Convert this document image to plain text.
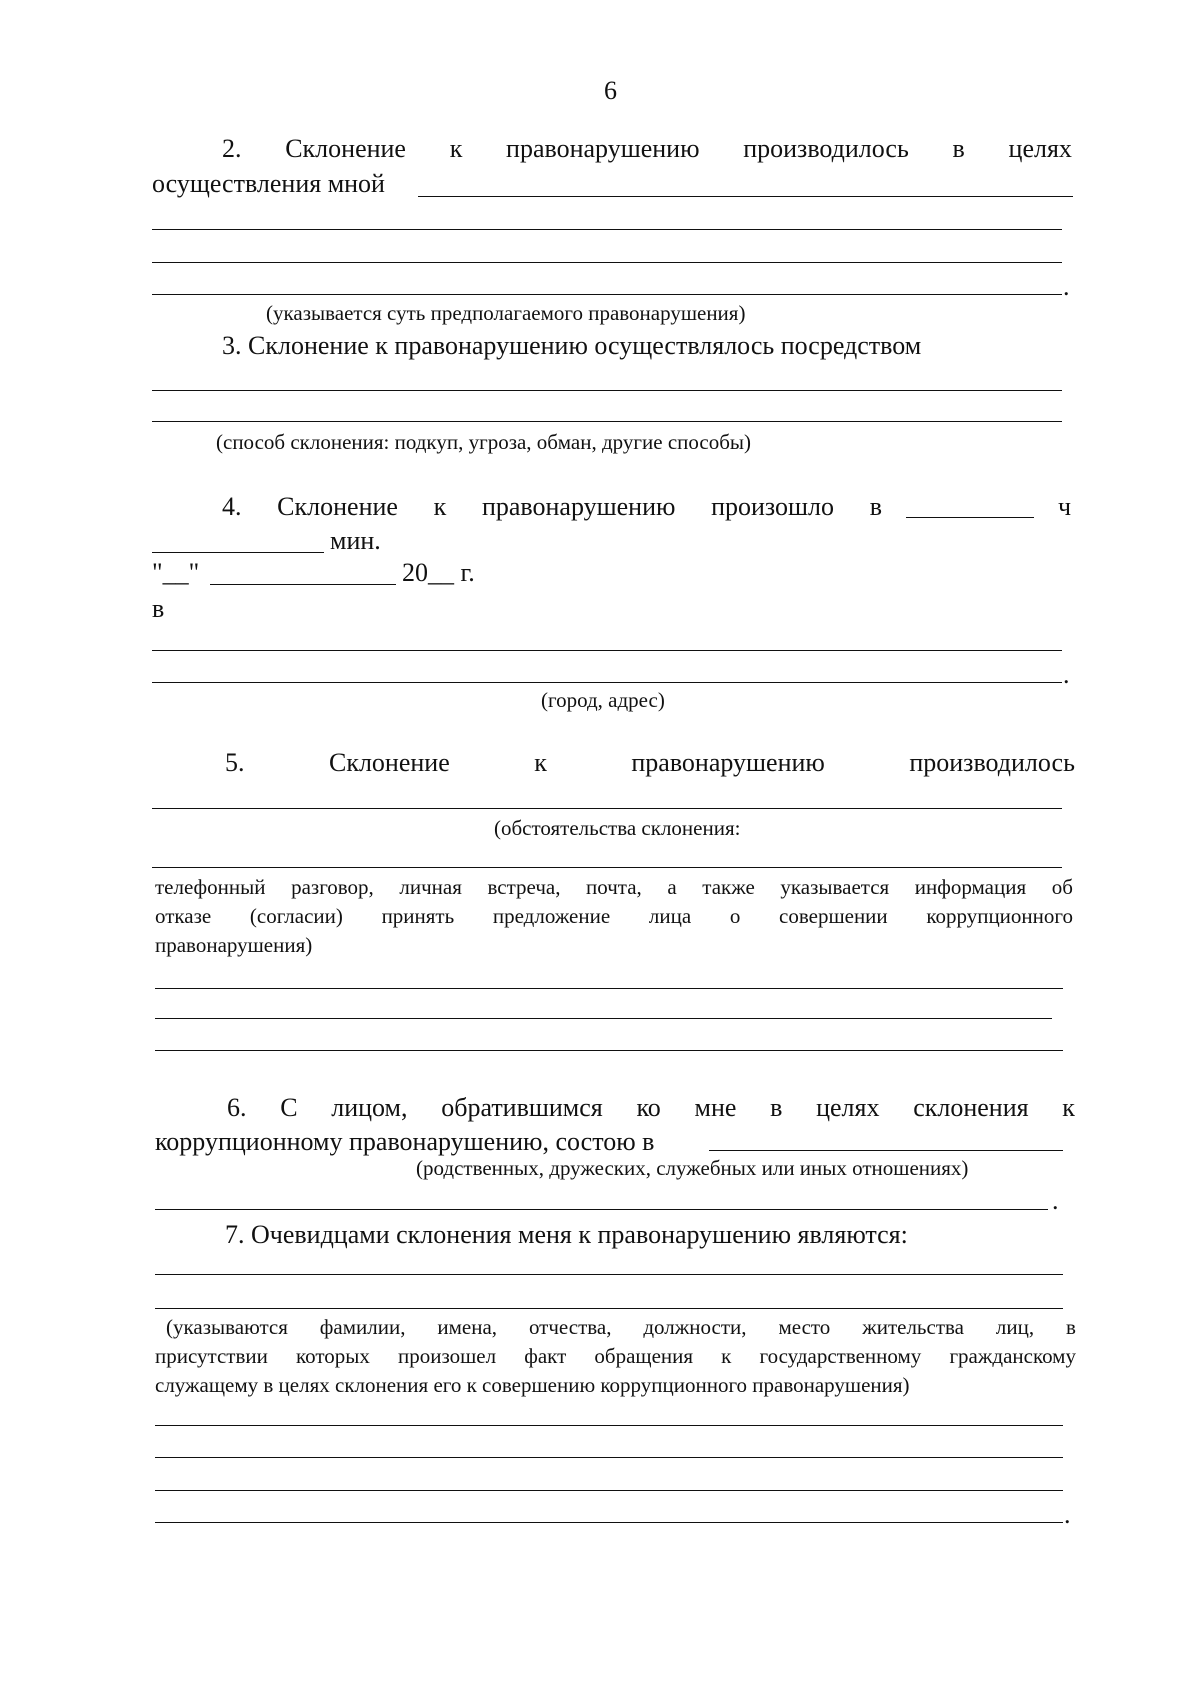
6
2. Склонение к правонарушению производилось в целях
осуществления мной
.
(указывается суть предполагаемого правонарушения)
3. Склонение к правонарушению осуществлялось посредством
(способ склонения: подкуп, угроза, обман, другие способы)
4. Склонение к правонарушению произошло в	ч
мин.
"__"	20__ г.
в
.
(город, адрес)
5.	Склонение	к	правонарушению	производилось
(обстоятельства склонения:
телефонный разговор, личная встреча, почта, а также указывается информация об
отказе (согласии) принять предложение лица о совершении коррупционного
правонарушения)
6. С лицом, обратившимся ко мне в целях склонения к
коррупционному правонарушению, состою в
(родственных, дружеских, служебных или иных отношениях)
.
7. Очевидцами склонения меня к правонарушению являются:
(указываются фамилии, имена, отчества, должности, место жительства лиц, в
присутствии которых произошел факт обращения к государственному гражданскому
служащему в целях склонения его к совершению коррупционного правонарушения)
.
